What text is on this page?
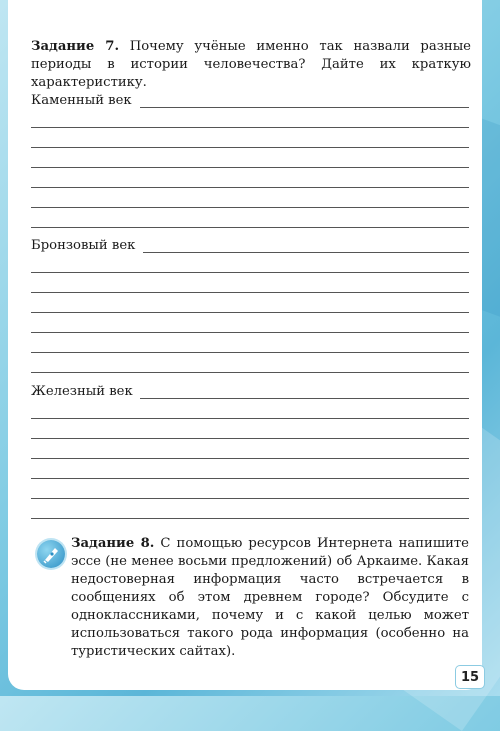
Задание 7. Почему учёные именно так назвали разные периоды в истории человечества? Дайте их краткую характеристику.

Каменный век
Бронзовый век
Железный век

Задание 8. С помощью ресурсов Интернета напишите эссе (не менее восьми предложений) об Аркаиме. Какая недостоверная информация часто встречается в сообщениях об этом древнем городе? Обсудите с одноклассниками, почему и с какой целью может использоваться такого рода информация (особенно на туристических сайтах).

15
